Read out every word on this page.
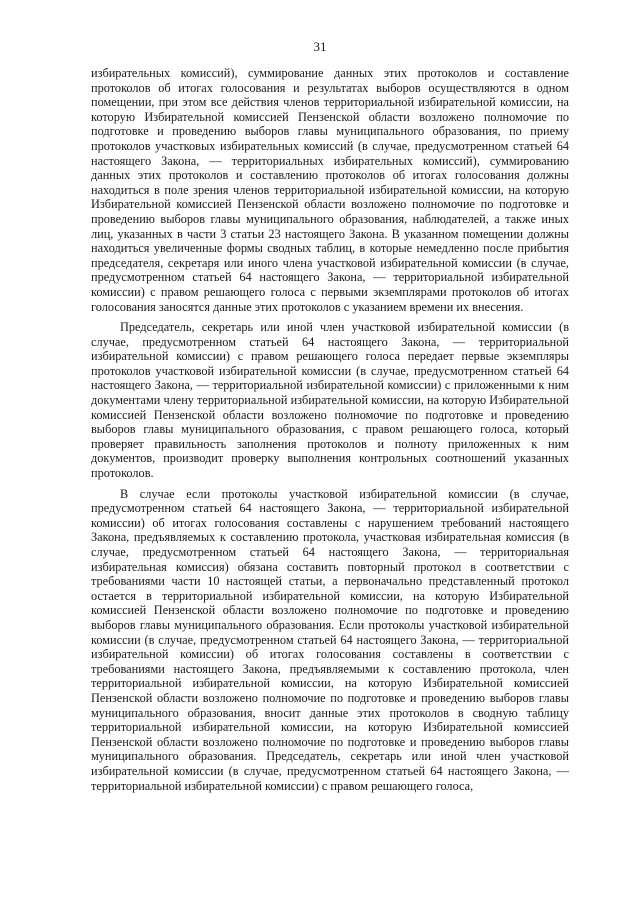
31

избирательных комиссий), суммирование данных этих протоколов и составление протоколов об итогах голосования и результатах выборов осуществляются в одном помещении, при этом все действия членов территориальной избирательной комиссии, на которую Избирательной комиссией Пензенской области возложено полномочие по подготовке и проведению выборов главы муниципального образования, по приему протоколов участковых избирательных комиссий (в случае, предусмотренном статьей 64 настоящего Закона, — территориальных избирательных комиссий), суммированию данных этих протоколов и составлению протоколов об итогах голосования должны находиться в поле зрения членов территориальной избирательной комиссии, на которую Избирательной комиссией Пензенской области возложено полномочие по подготовке и проведению выборов главы муниципального образования, наблюдателей, а также иных лиц, указанных в части 3 статьи 23 настоящего Закона. В указанном помещении должны находиться увеличенные формы сводных таблиц, в которые немедленно после прибытия председателя, секретаря или иного члена участковой избирательной комиссии (в случае, предусмотренном статьей 64 настоящего Закона, — территориальной избирательной комиссии) с правом решающего голоса с первыми экземплярами протоколов об итогах голосования заносятся данные этих протоколов с указанием времени их внесения.

Председатель, секретарь или иной член участковой избирательной комиссии (в случае, предусмотренном статьей 64 настоящего Закона, — территориальной избирательной комиссии) с правом решающего голоса передает первые экземпляры протоколов участковой избирательной комиссии (в случае, предусмотренном статьей 64 настоящего Закона, — территориальной избирательной комиссии) с приложенными к ним документами члену территориальной избирательной комиссии, на которую Избирательной комиссией Пензенской области возложено полномочие по подготовке и проведению выборов главы муниципального образования, с правом решающего голоса, который проверяет правильность заполнения протоколов и полноту приложенных к ним документов, производит проверку выполнения контрольных соотношений указанных протоколов.

В случае если протоколы участковой избирательной комиссии (в случае, предусмотренном статьей 64 настоящего Закона, — территориальной избирательной комиссии) об итогах голосования составлены с нарушением требований настоящего Закона, предъявляемых к составлению протокола, участковая избирательная комиссия (в случае, предусмотренном статьей 64 настоящего Закона, — территориальная избирательная комиссия) обязана составить повторный протокол в соответствии с требованиями части 10 настоящей статьи, а первоначально представленный протокол остается в территориальной избирательной комиссии, на которую Избирательной комиссией Пензенской области возложено полномочие по подготовке и проведению выборов главы муниципального образования. Если протоколы участковой избирательной комиссии (в случае, предусмотренном статьей 64 настоящего Закона, — территориальной избирательной комиссии) об итогах голосования составлены в соответствии с требованиями настоящего Закона, предъявляемыми к составлению протокола, член территориальной избирательной комиссии, на которую Избирательной комиссией Пензенской области возложено полномочие по подготовке и проведению выборов главы муниципального образования, вносит данные этих протоколов в сводную таблицу территориальной избирательной комиссии, на которую Избирательной комиссией Пензенской области возложено полномочие по подготовке и проведению выборов главы муниципального образования. Председатель, секретарь или иной член участковой избирательной комиссии (в случае, предусмотренном статьей 64 настоящего Закона, — территориальной избирательной комиссии) с правом решающего голоса,
